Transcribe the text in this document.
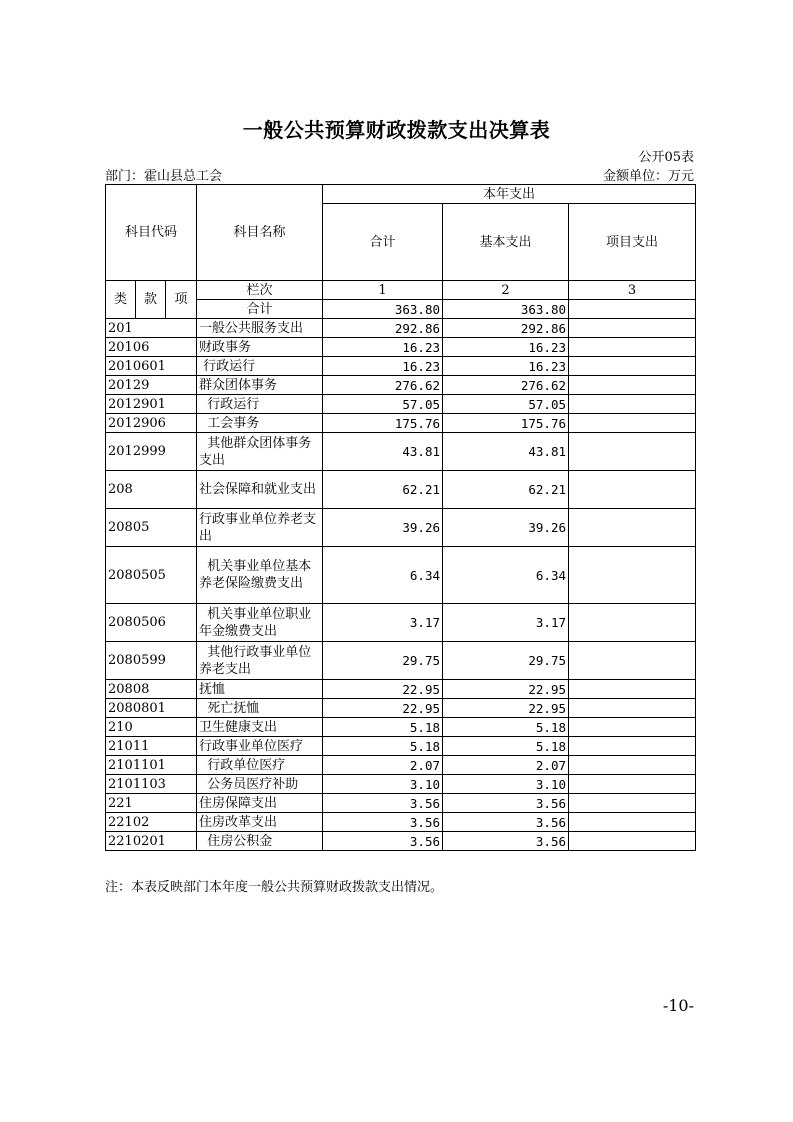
一般公共预算财政拨款支出决算表
公开05表
部门：霍山县总工会	金额单位：万元
科目代码			科目名称	本年支出		
				合计	基本支出	项目支出
类	款	项	栏次	1	2	3
			合计	363.80	363.80	
201			一般公共服务支出	292.86	292.86	
20106			财政事务	16.23	16.23	
2010601			行政运行	16.23	16.23	
20129			群众团体事务	276.62	276.62	
2012901			行政运行	57.05	57.05	
2012906			工会事务	175.76	175.76	
2012999			其他群众团体事务支出	43.81	43.81	
208			社会保障和就业支出	62.21	62.21	
20805			行政事业单位养老支出	39.26	39.26	
2080505			机关事业单位基本养老保险缴费支出	6.34	6.34	
2080506			机关事业单位职业年金缴费支出	3.17	3.17	
2080599			其他行政事业单位养老支出	29.75	29.75	
20808			抚恤	22.95	22.95	
2080801			死亡抚恤	22.95	22.95	
210			卫生健康支出	5.18	5.18	
21011			行政事业单位医疗	5.18	5.18	
2101101			行政单位医疗	2.07	2.07	
2101103			公务员医疗补助	3.10	3.10	
221			住房保障支出	3.56	3.56	
22102			住房改革支出	3.56	3.56	
2210201			住房公积金	3.56	3.56	
注：本表反映部门本年度一般公共预算财政拨款支出情况。
-10-
